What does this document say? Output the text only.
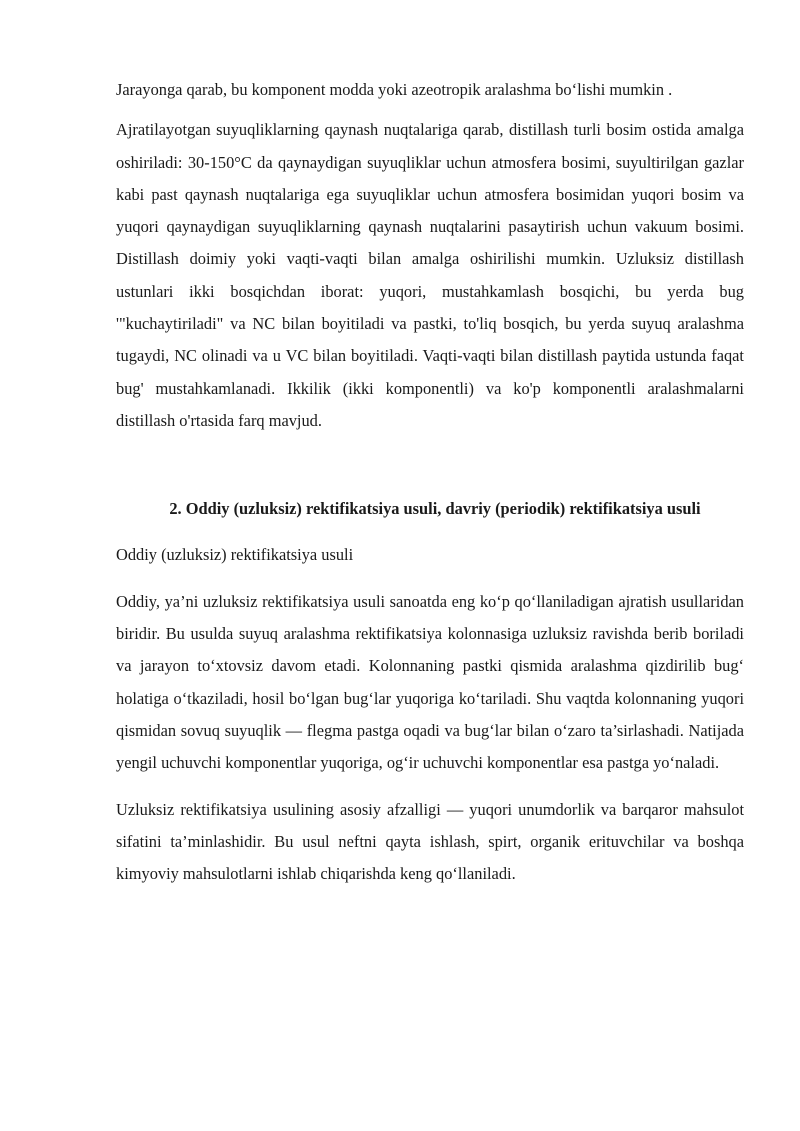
Jarayonga qarab, bu komponent modda yoki azeotropik aralashma bo‘lishi mumkin .

Ajratilayotgan suyuqliklarning qaynash nuqtalariga qarab, distillash turli bosim ostida amalga oshiriladi: 30-150°C da qaynaydigan suyuqliklar uchun atmosfera bosimi, suyultirilgan gazlar kabi past qaynash nuqtalariga ega suyuqliklar uchun atmosfera bosimidan yuqori bosim va yuqori qaynaydigan suyuqliklarning qaynash nuqtalarini pasaytirish uchun vakuum bosimi. Distillash doimiy yoki vaqti-vaqti bilan amalga oshirilishi mumkin. Uzluksiz distillash ustunlari ikki bosqichdan iborat: yuqori, mustahkamlash bosqichi, bu yerda bug '"kuchaytiriladi" va NC bilan boyitiladi va pastki, to'liq bosqich, bu yerda suyuq aralashma tugaydi, NC olinadi va u VC bilan boyitiladi. Vaqti-vaqti bilan distillash paytida ustunda faqat bug' mustahkamlanadi. Ikkilik (ikki komponentli) va ko'p komponentli aralashmalarni distillash o'rtasida farq mavjud.

2. Oddiy (uzluksiz) rektifikatsiya usuli, davriy (periodik) rektifikatsiya usuli

Oddiy (uzluksiz) rektifikatsiya usuli

Oddiy, ya’ni uzluksiz rektifikatsiya usuli sanoatda eng ko‘p qo‘llaniladigan ajratish usullaridan biridir. Bu usulda suyuq aralashma rektifikatsiya kolonnasiga uzluksiz ravishda berib boriladi va jarayon to‘xtovsiz davom etadi. Kolonnaning pastki qismida aralashma qizdirilib bug‘ holatiga o‘tkaziladi, hosil bo‘lgan bug‘lar yuqoriga ko‘tariladi. Shu vaqtda kolonnaning yuqori qismidan sovuq suyuqlik — flegma pastga oqadi va bug‘lar bilan o‘zaro ta’sirlashadi. Natijada yengil uchuvchi komponentlar yuqoriga, og‘ir uchuvchi komponentlar esa pastga yo‘naladi.

Uzluksiz rektifikatsiya usulining asosiy afzalligi — yuqori unumdorlik va barqaror mahsulot sifatini ta’minlashidir. Bu usul neftni qayta ishlash, spirt, organik erituvchilar va boshqa kimyoviy mahsulotlarni ishlab chiqarishda keng qo‘llaniladi.
